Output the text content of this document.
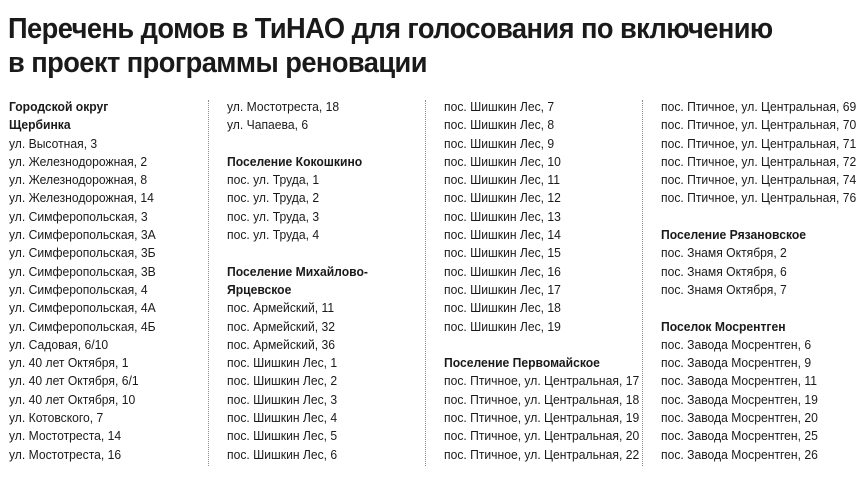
Перечень домов в ТиНАО для голосования по включению
в проект программы реновации
Городской округ
Щербинка
ул. Высотная, 3
ул. Железнодорожная, 2
ул. Железнодорожная, 8
ул. Железнодорожная, 14
ул. Симферопольская, 3
ул. Симферопольская, 3А
ул. Симферопольская, 3Б
ул. Симферопольская, 3В
ул. Симферопольская, 4
ул. Симферопольская, 4А
ул. Симферопольская, 4Б
ул. Садовая, 6/10
ул. 40 лет Октября, 1
ул. 40 лет Октября, 6/1
ул. 40 лет Октября, 10
ул. Котовского, 7
ул. Мостотреста, 14
ул. Мостотреста, 16
ул. Мостотреста, 18
ул. Чапаева, 6
Поселение Кокошкино
пос. ул. Труда, 1
пос. ул. Труда, 2
пос. ул. Труда, 3
пос. ул. Труда, 4
Поселение Михайлово-
Ярцевское
пос. Армейский, 11
пос. Армейский, 32
пос. Армейский, 36
пос. Шишкин Лес, 1
пос. Шишкин Лес, 2
пос. Шишкин Лес, 3
пос. Шишкин Лес, 4
пос. Шишкин Лес, 5
пос. Шишкин Лес, 6
пос. Шишкин Лес, 7
пос. Шишкин Лес, 8
пос. Шишкин Лес, 9
пос. Шишкин Лес, 10
пос. Шишкин Лес, 11
пос. Шишкин Лес, 12
пос. Шишкин Лес, 13
пос. Шишкин Лес, 14
пос. Шишкин Лес, 15
пос. Шишкин Лес, 16
пос. Шишкин Лес, 17
пос. Шишкин Лес, 18
пос. Шишкин Лес, 19
Поселение Первомайское
пос. Птичное, ул. Центральная, 17
пос. Птичное, ул. Центральная, 18
пос. Птичное, ул. Центральная, 19
пос. Птичное, ул. Центральная, 20
пос. Птичное, ул. Центральная, 22
пос. Птичное, ул. Центральная, 69
пос. Птичное, ул. Центральная, 70
пос. Птичное, ул. Центральная, 71
пос. Птичное, ул. Центральная, 72
пос. Птичное, ул. Центральная, 74
пос. Птичное, ул. Центральная, 76
Поселение Рязановское
пос. Знамя Октября, 2
пос. Знамя Октября, 6
пос. Знамя Октября, 7
Поселок Мосрентген
пос. Завода Мосрентген, 6
пос. Завода Мосрентген, 9
пос. Завода Мосрентген, 11
пос. Завода Мосрентген, 19
пос. Завода Мосрентген, 20
пос. Завода Мосрентген, 25
пос. Завода Мосрентген, 26
